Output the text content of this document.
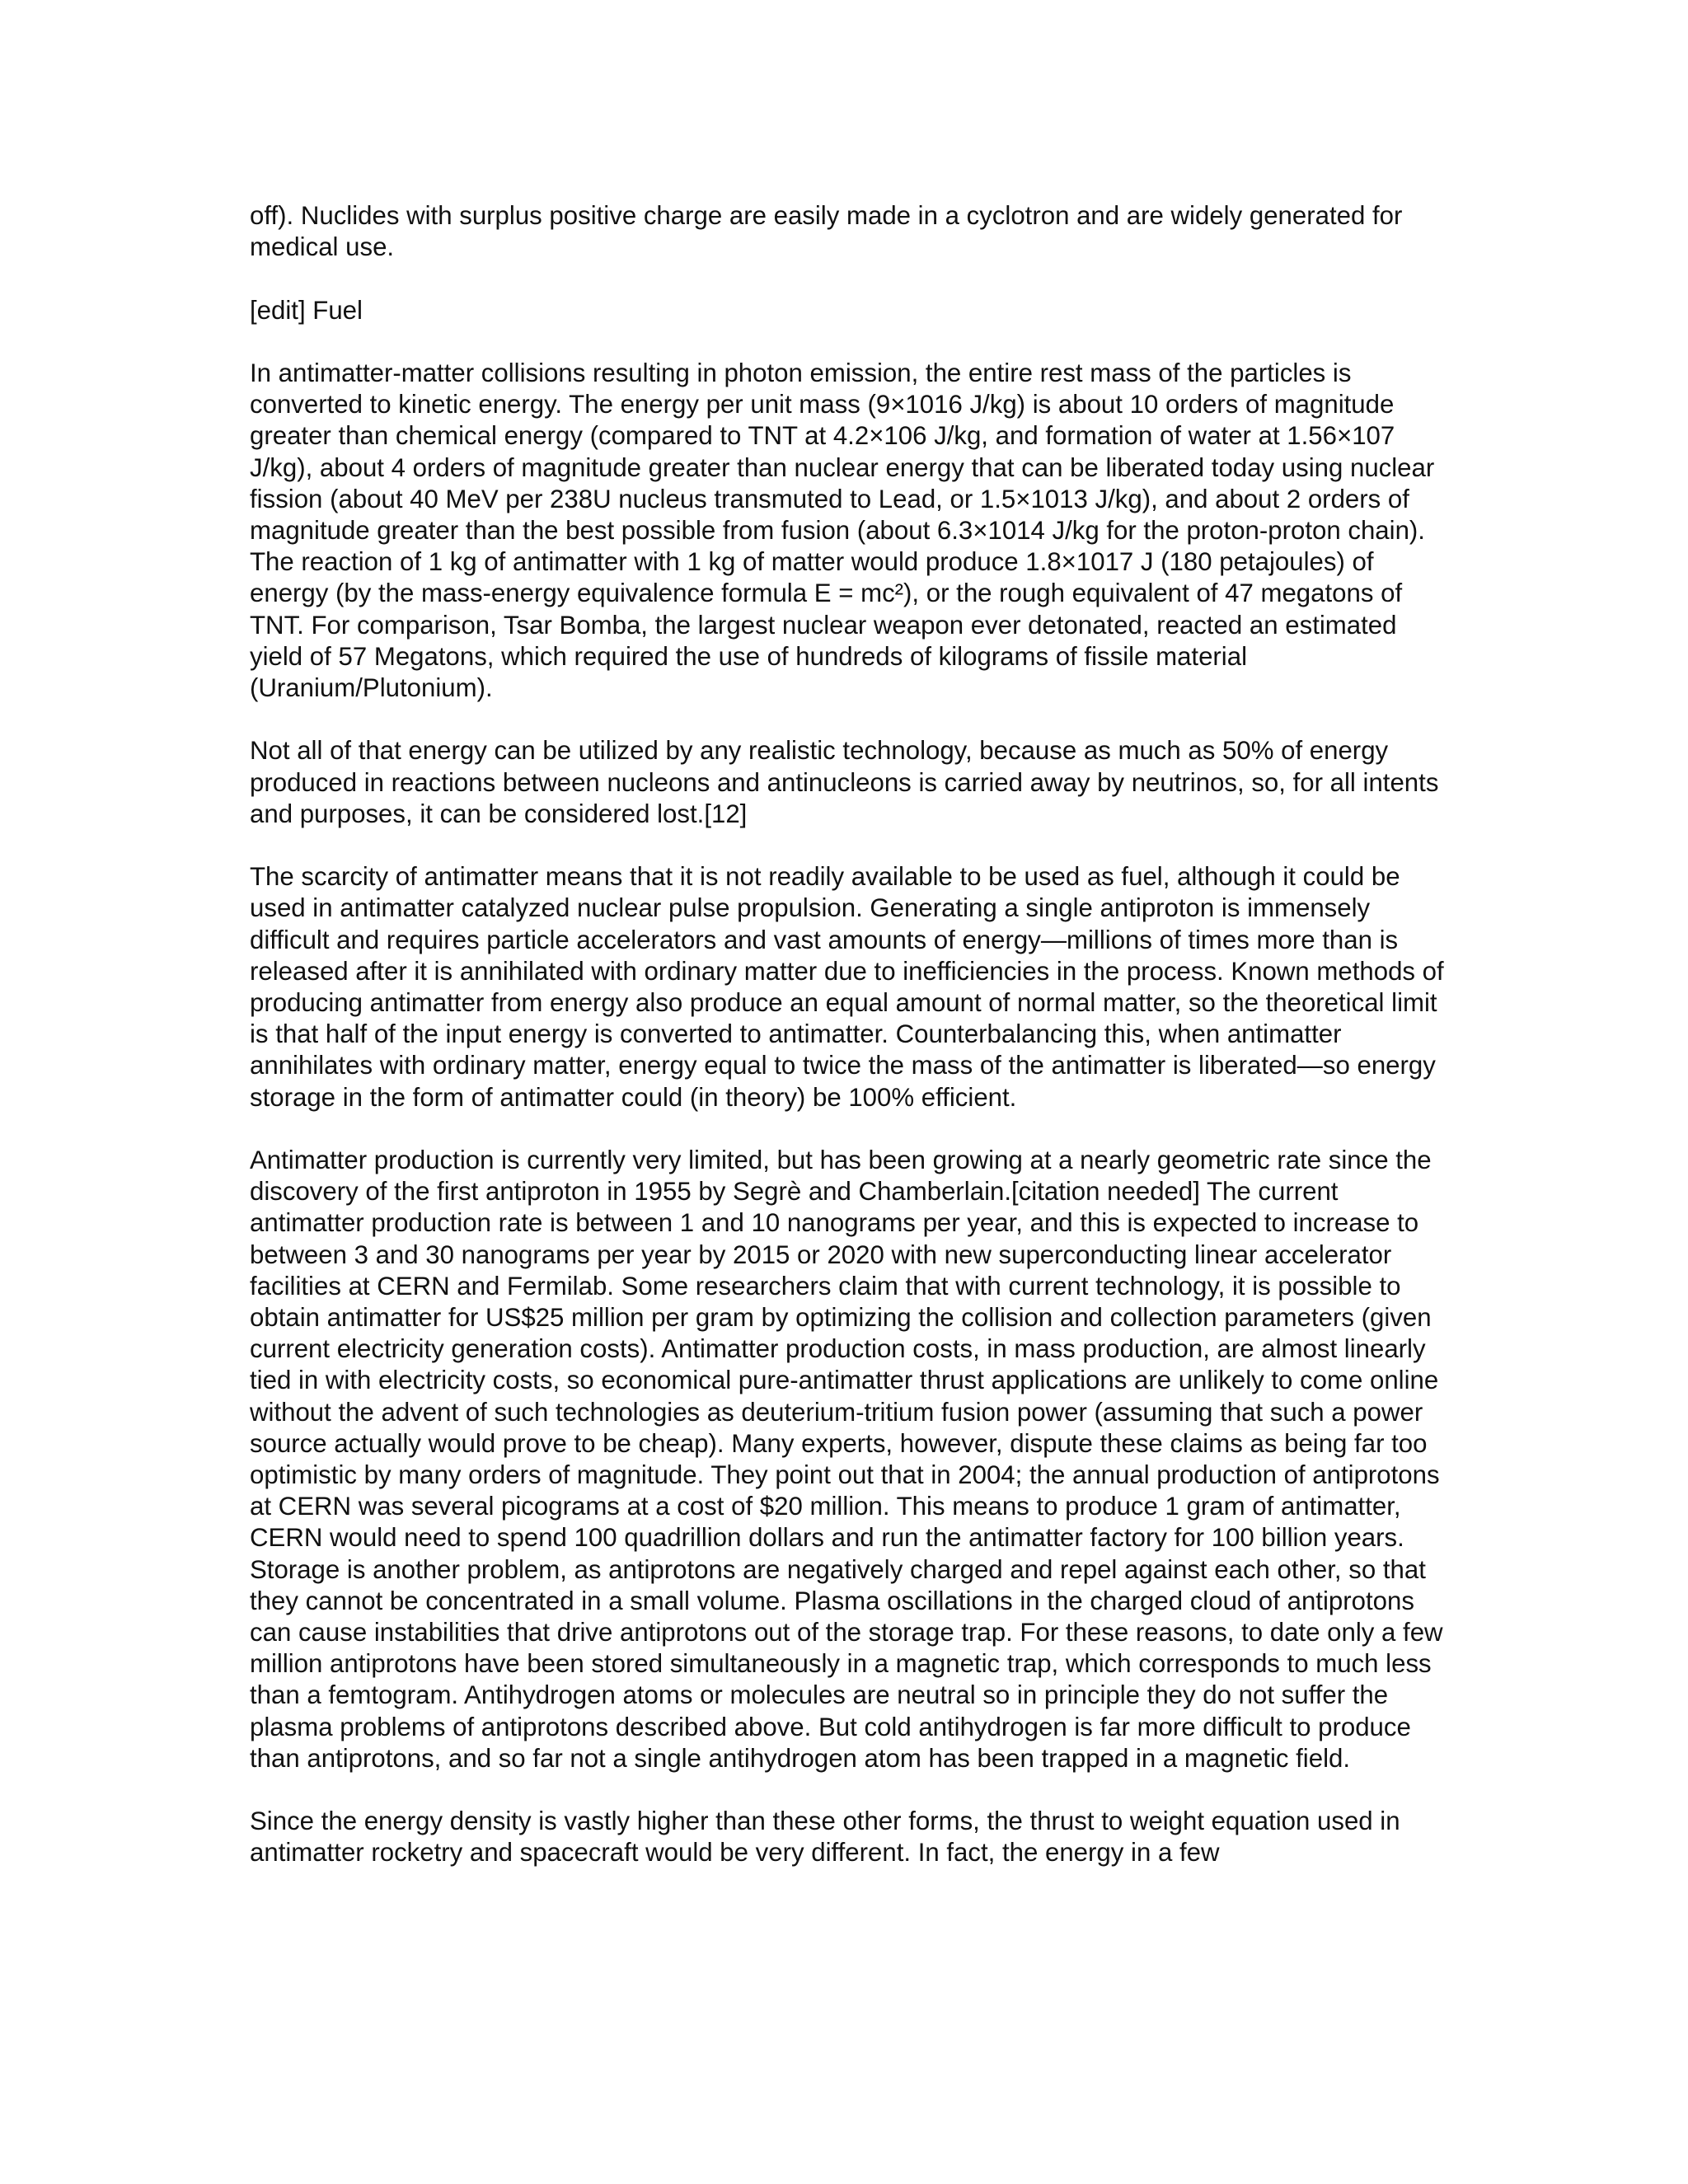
off). Nuclides with surplus positive charge are easily made in a cyclotron and are widely generated for medical use.

[edit] Fuel

In antimatter-matter collisions resulting in photon emission, the entire rest mass of the particles is converted to kinetic energy. The energy per unit mass (9×1016 J/kg) is about 10 orders of magnitude greater than chemical energy (compared to TNT at 4.2×106 J/kg, and formation of water at 1.56×107 J/kg), about 4 orders of magnitude greater than nuclear energy that can be liberated today using nuclear fission (about 40 MeV per 238U nucleus transmuted to Lead, or 1.5×1013 J/kg), and about 2 orders of magnitude greater than the best possible from fusion (about 6.3×1014 J/kg for the proton-proton chain). The reaction of 1 kg of antimatter with 1 kg of matter would produce 1.8×1017 J (180 petajoules) of energy (by the mass-energy equivalence formula E = mc²), or the rough equivalent of 47 megatons of TNT. For comparison, Tsar Bomba, the largest nuclear weapon ever detonated, reacted an estimated yield of 57 Megatons, which required the use of hundreds of kilograms of fissile material (Uranium/Plutonium).

Not all of that energy can be utilized by any realistic technology, because as much as 50% of energy produced in reactions between nucleons and antinucleons is carried away by neutrinos, so, for all intents and purposes, it can be considered lost.[12]

The scarcity of antimatter means that it is not readily available to be used as fuel, although it could be used in antimatter catalyzed nuclear pulse propulsion. Generating a single antiproton is immensely difficult and requires particle accelerators and vast amounts of energy—millions of times more than is released after it is annihilated with ordinary matter due to inefficiencies in the process. Known methods of producing antimatter from energy also produce an equal amount of normal matter, so the theoretical limit is that half of the input energy is converted to antimatter. Counterbalancing this, when antimatter annihilates with ordinary matter, energy equal to twice the mass of the antimatter is liberated—so energy storage in the form of antimatter could (in theory) be 100% efficient.

Antimatter production is currently very limited, but has been growing at a nearly geometric rate since the discovery of the first antiproton in 1955 by Segrè and Chamberlain.[citation needed] The current antimatter production rate is between 1 and 10 nanograms per year, and this is expected to increase to between 3 and 30 nanograms per year by 2015 or 2020 with new superconducting linear accelerator facilities at CERN and Fermilab. Some researchers claim that with current technology, it is possible to obtain antimatter for US$25 million per gram by optimizing the collision and collection parameters (given current electricity generation costs). Antimatter production costs, in mass production, are almost linearly tied in with electricity costs, so economical pure-antimatter thrust applications are unlikely to come online without the advent of such technologies as deuterium-tritium fusion power (assuming that such a power source actually would prove to be cheap). Many experts, however, dispute these claims as being far too optimistic by many orders of magnitude. They point out that in 2004; the annual production of antiprotons at CERN was several picograms at a cost of $20 million. This means to produce 1 gram of antimatter, CERN would need to spend 100 quadrillion dollars and run the antimatter factory for 100 billion years. Storage is another problem, as antiprotons are negatively charged and repel against each other, so that they cannot be concentrated in a small volume. Plasma oscillations in the charged cloud of antiprotons can cause instabilities that drive antiprotons out of the storage trap. For these reasons, to date only a few million antiprotons have been stored simultaneously in a magnetic trap, which corresponds to much less than a femtogram. Antihydrogen atoms or molecules are neutral so in principle they do not suffer the plasma problems of antiprotons described above. But cold antihydrogen is far more difficult to produce than antiprotons, and so far not a single antihydrogen atom has been trapped in a magnetic field.

Since the energy density is vastly higher than these other forms, the thrust to weight equation used in antimatter rocketry and spacecraft would be very different. In fact, the energy in a few
